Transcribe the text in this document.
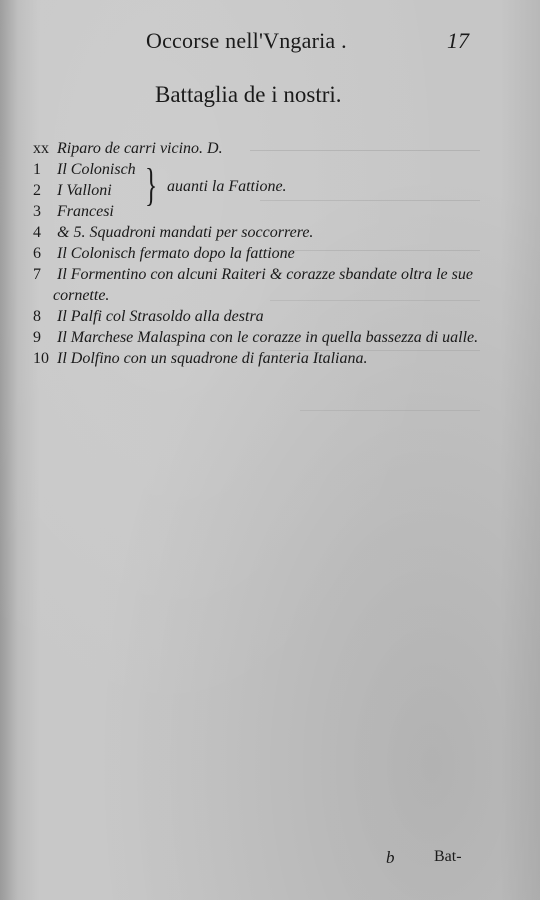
Occorse nell'Vngaria .	17
Battaglia de i nostri.
xx Riparo de carri vicino. D.
1 Il Colonisch
2 I Valloni
3 Francesi
4 & 5. Squadroni mandati per soccorrere.
6 Il Colonisch fermato dopo la fattione
7 Il Formentino con alcuni Raiteri & corazze sbandate oltra le sue cornette.
8 Il Palfi col Strasoldo alla destra
9 Il Marchese Malaspina con le corazze in quella bassezza di ualle.
10 Il Dolfino con un squadrone di fanteria Italiana.
} auanti la Fattione.
b Bat-
